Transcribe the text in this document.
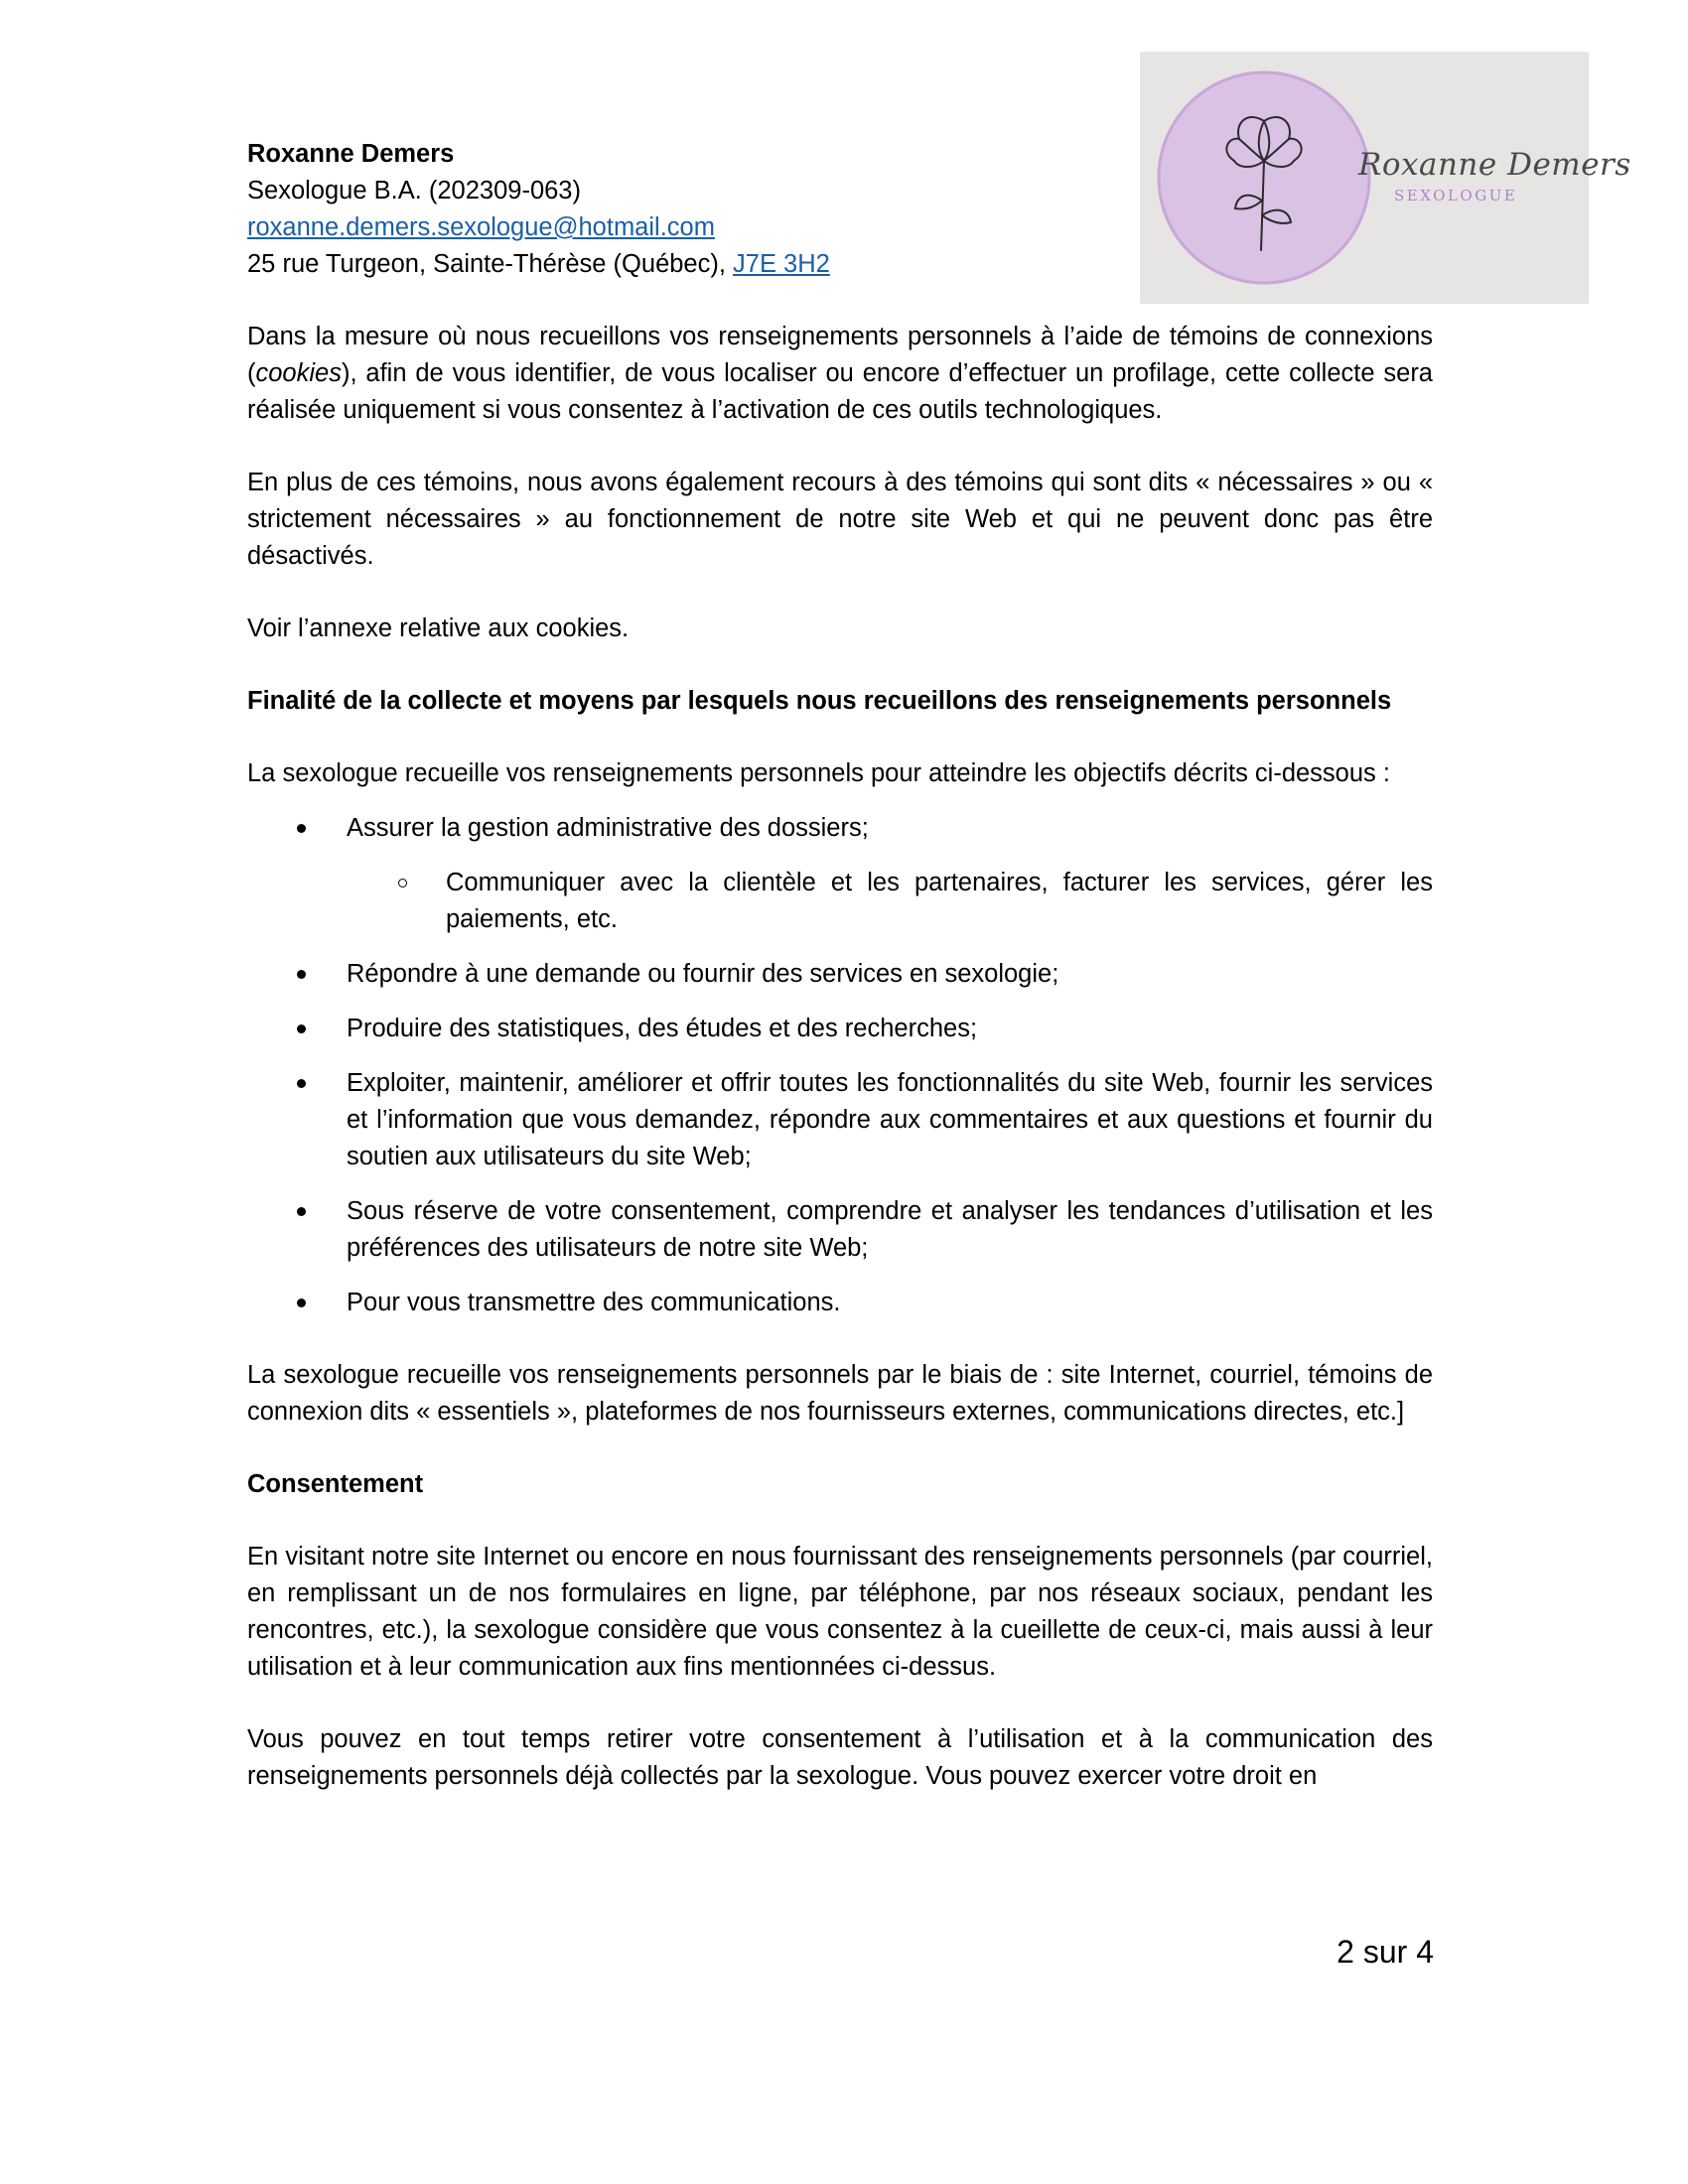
Roxanne Demers
SEXOLOGUE
Roxanne Demers
Sexologue B.A. (202309-063)
roxanne.demers.sexologue@hotmail.com
25 rue Turgeon, Sainte-Thérèse (Québec), J7E 3H2

Dans la mesure où nous recueillons vos renseignements personnels à l’aide de témoins de connexions (cookies), afin de vous identifier, de vous localiser ou encore d’effectuer un profilage, cette collecte sera réalisée uniquement si vous consentez à l’activation de ces outils technologiques.

En plus de ces témoins, nous avons également recours à des témoins qui sont dits « nécessaires » ou « strictement nécessaires » au fonctionnement de notre site Web et qui ne peuvent donc pas être désactivés.

Voir l’annexe relative aux cookies.

Finalité de la collecte et moyens par lesquels nous recueillons des renseignements personnels

La sexologue recueille vos renseignements personnels pour atteindre les objectifs décrits ci-dessous :

Assurer la gestion administrative des dossiers;
Communiquer avec la clientèle et les partenaires, facturer les services, gérer les paiements, etc.
Répondre à une demande ou fournir des services en sexologie;
Produire des statistiques, des études et des recherches;
Exploiter, maintenir, améliorer et offrir toutes les fonctionnalités du site Web, fournir les services et l’information que vous demandez, répondre aux commentaires et aux questions et fournir du soutien aux utilisateurs du site Web;
Sous réserve de votre consentement, comprendre et analyser les tendances d’utilisation et les préférences des utilisateurs de notre site Web;
Pour vous transmettre des communications.

La sexologue recueille vos renseignements personnels par le biais de : site Internet, courriel, témoins de connexion dits « essentiels », plateformes de nos fournisseurs externes, communications directes, etc.]

Consentement

En visitant notre site Internet ou encore en nous fournissant des renseignements personnels (par courriel, en remplissant un de nos formulaires en ligne, par téléphone, par nos réseaux sociaux, pendant les rencontres, etc.), la sexologue considère que vous consentez à la cueillette de ceux-ci, mais aussi à leur utilisation et à leur communication aux fins mentionnées ci-dessus.

Vous pouvez en tout temps retirer votre consentement à l’utilisation et à la communication des renseignements personnels déjà collectés par la sexologue. Vous pouvez exercer votre droit en

2 sur 4
